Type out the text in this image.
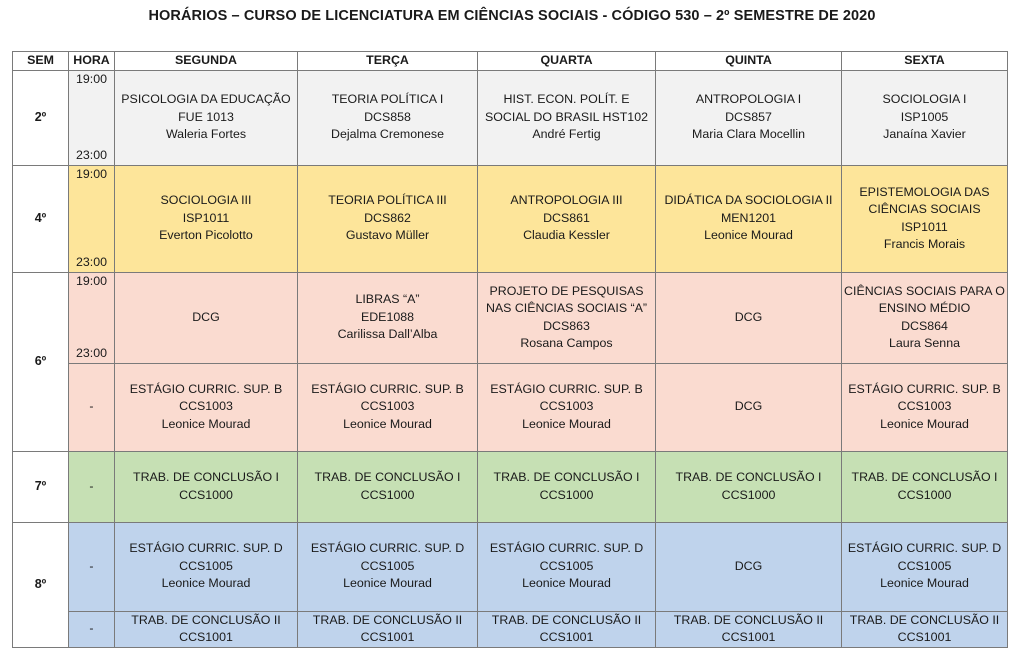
HORÁRIOS – CURSO DE LICENCIATURA EM CIÊNCIAS SOCIAIS - CÓDIGO 530 – 2º SEMESTRE DE 2020
SEM	HORA	SEGUNDA	TERÇA	QUARTA	QUINTA	SEXTA
2º	19:00
23:00	PSICOLOGIA DA EDUCAÇÃO
FUE 1013
Waleria Fortes	TEORIA POLÍTICA I
DCS858
Dejalma Cremonese	HIST. ECON. POLÍT. E
SOCIAL DO BRASIL HST102
André Fertig	ANTROPOLOGIA I
DCS857
Maria Clara Mocellin	SOCIOLOGIA I
ISP1005
Janaína Xavier

4º	19:00
23:00	SOCIOLOGIA III
ISP1011
Everton Picolotto	TEORIA POLÍTICA III
DCS862
Gustavo Müller	ANTROPOLOGIA III
DCS861
Claudia Kessler	DIDÁTICA DA SOCIOLOGIA II
MEN1201
Leonice Mourad	EPISTEMOLOGIA DAS
CIÊNCIAS SOCIAIS
ISP1011
Francis Morais

6º	19:00
23:00	DCG	LIBRAS “A”
EDE1088
Carilissa Dall’Alba	PROJETO DE PESQUISAS
NAS CIÊNCIAS SOCIAIS “A”
DCS863
Rosana Campos	DCG	CIÊNCIAS SOCIAIS PARA O
ENSINO MÉDIO
DCS864
Laura Senna

	-	ESTÁGIO CURRIC. SUP. B
CCS1003
Leonice Mourad	ESTÁGIO CURRIC. SUP. B
CCS1003
Leonice Mourad	ESTÁGIO CURRIC. SUP. B
CCS1003
Leonice Mourad	DCG	ESTÁGIO CURRIC. SUP. B
CCS1003
Leonice Mourad

7º	-	TRAB. DE CONCLUSÃO I
CCS1000	TRAB. DE CONCLUSÃO I
CCS1000	TRAB. DE CONCLUSÃO I
CCS1000	TRAB. DE CONCLUSÃO I
CCS1000	TRAB. DE CONCLUSÃO I
CCS1000

8º	-	ESTÁGIO CURRIC. SUP. D
CCS1005
Leonice Mourad	ESTÁGIO CURRIC. SUP. D
CCS1005
Leonice Mourad	ESTÁGIO CURRIC. SUP. D
CCS1005
Leonice Mourad	DCG	ESTÁGIO CURRIC. SUP. D
CCS1005
Leonice Mourad

	-	TRAB. DE CONCLUSÃO II
CCS1001	TRAB. DE CONCLUSÃO II
CCS1001	TRAB. DE CONCLUSÃO II
CCS1001	TRAB. DE CONCLUSÃO II
CCS1001	TRAB. DE CONCLUSÃO II
CCS1001
